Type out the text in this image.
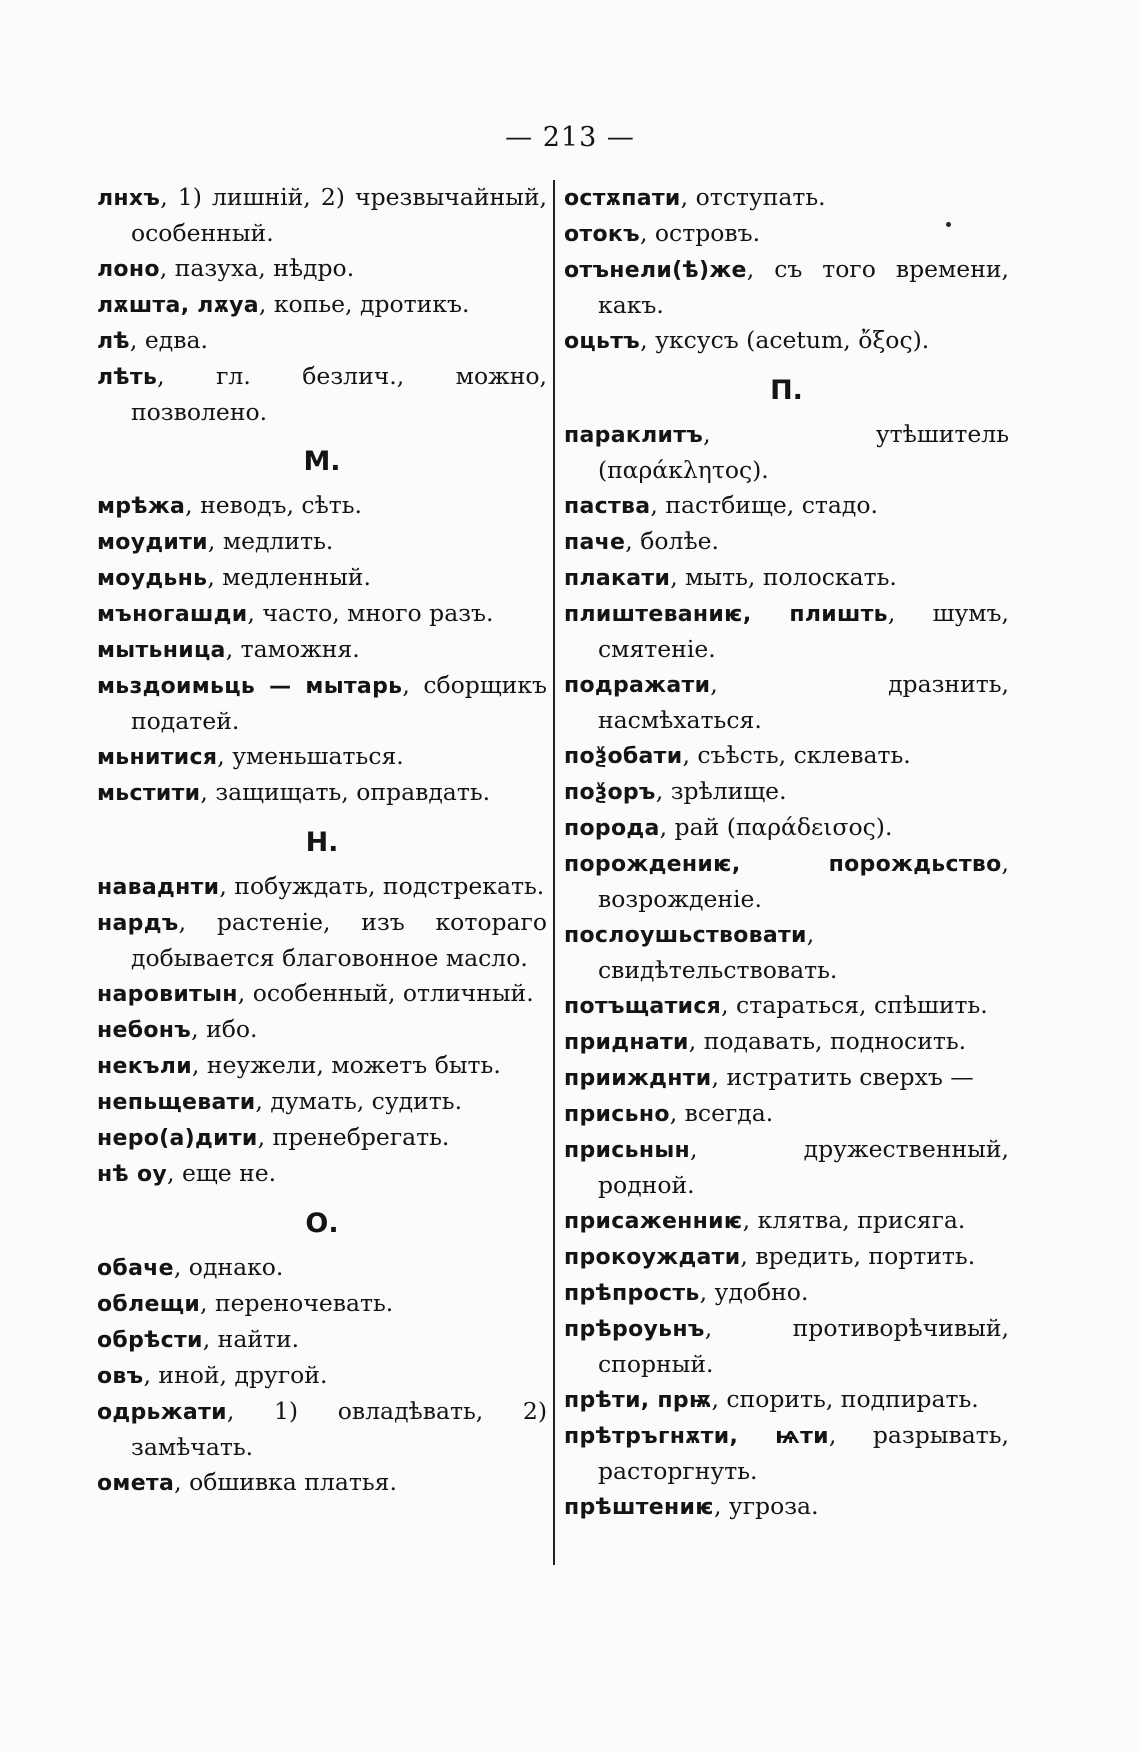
— 213 —

лнхъ, 1) лишній, 2) чрезвычайный, особенный.

лоно, пазуха, нѣдро.

лѫшта, лѫуа, копье, дротикъ.

лѣ, едва.

лѣть, гл. безлич., можно, позволено.

М.

мрѣжа, неводъ, сѣть.

моудити, медлить.

моудьнь, медленный.

мъногашди, часто, много разъ.

мытьница, таможня.

мьздоимьць — мытарь, сборщикъ податей.

мьнитися, уменьшаться.

мьстити, защищать, оправдать.

Н.

наваднти, побуждать, подстрекать.

нардъ, растеніе, изъ котораго добывается благовонное масло.

наровитын, особенный, отличный.

небонъ, ибо.

некъли, неужели, можетъ быть.

непьщевати, думать, судить.

неро(а)дити, пренебрегать.

нѣ оу, еще не.

О.

обаче, однако.

облещи, переночевать.

обрѣсти, найти.

овъ, иной, другой.

одрьжати, 1) овладѣвать, 2) замѣчать.

омета, обшивка платья.

остѫпати, отступать.

отокъ, островъ.

отънели(ѣ)же, съ того времени, какъ.

оцьтъ, уксусъ (acetum, ὄξος).

П.

параклитъ, утѣшитель (παράκλητος).

паства, пастбище, стадо.

паче, болѣе.

плакати, мыть, полоскать.

плиштеваниѥ, плишть, шумъ, смятеніе.

подражати, дразнить, насмѣхаться.

поѯобати, съѣсть, склевать.

поѯоръ, зрѣлище.

порода, рай (παράδεισος).

порождениѥ, порождьство, возрожденіе.

послоушьствовати, свидѣтельствовать.

потъщатися, стараться, спѣшить.

приднати, подавать, подносить.

приижднти, истратить сверхъ —

присьно, всегда.

присьнын, дружественный, родной.

присаженниѥ, клятва, присяга.

прокоуждати, вредить, портить.

прѣпрость, удобно.

прѣроуьнъ, противорѣчивый, спорный.

прѣти, прѭ, спорить, подпирать.

прѣтръгнѫти, ѩти, разрывать, расторгнуть.

прѣштениѥ, угроза.
